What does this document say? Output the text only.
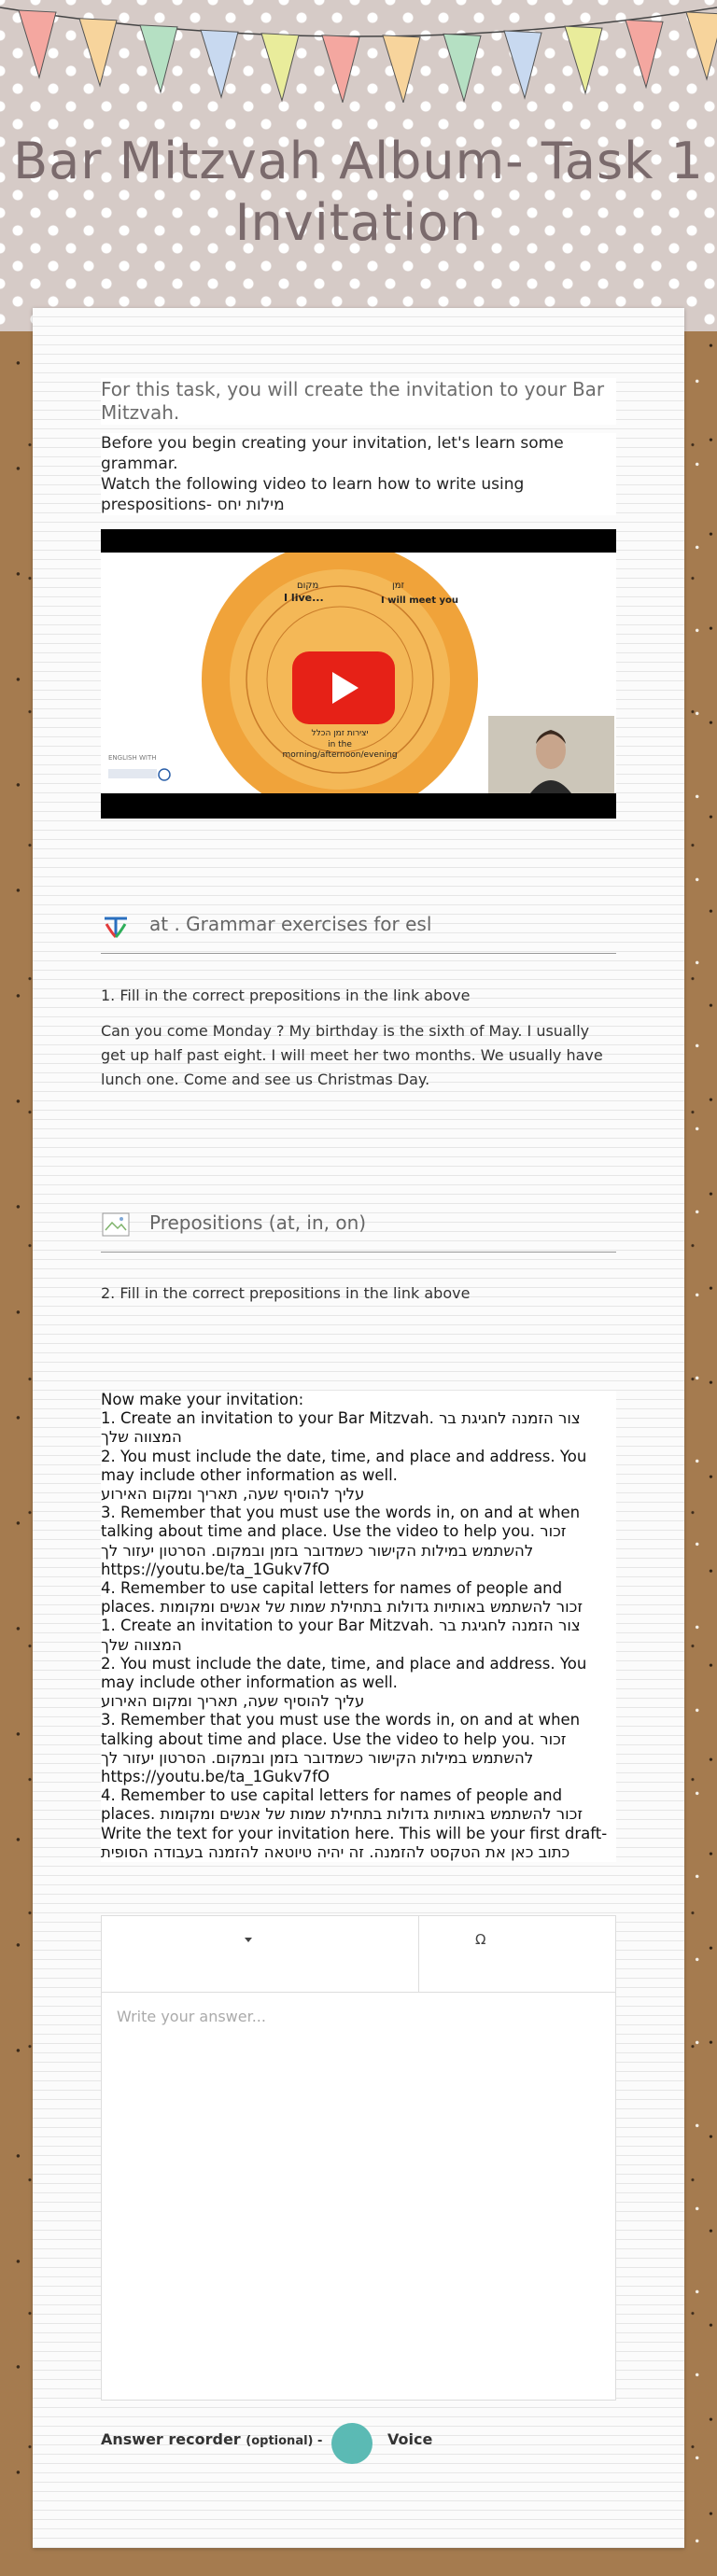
Bar Mitzvah Album- Task 1
Invitation
For this task, you will create the invitation to your Bar Mitzvah.
Before you begin creating your invitation, let's learn some grammar.
Watch the following video to learn how to write using prespositions- מילות יחס
מקום
I live...
זמן
I will meet you
יצירות זמן הכלל
in the
morning/afternoon/evening
ENGLISH WITH
at . Grammar exercises for esl
1. Fill in the correct prepositions in the link above
Can you come Monday ? My birthday is the sixth of May. I usually get up half past eight. I will meet her two months. We usually have lunch one. Come and see us Christmas Day.
Prepositions (at, in, on)
2. Fill in the correct prepositions in the link above

Now make your invitation:

1. Create an invitation to your Bar Mitzvah. צור הזמנה לחגיגת בר המצווה שלך

2. You must include the date, time, and place and address. You may include other information as well.
עליך להוסיף שעה, תאריך ומקום האירוע

3. Remember that you must use the words in, on and at when talking about time and place. Use the video to help you. זכור להשתמש במילות הקישור כשמדובר בזמן ובמקום. הסרטון יעזור לך
https://youtu.be/ta_1Gukv7fO

4. Remember to use capital letters for names of people and places. זכור להשתמש באותיות גדולות בתחילת שמות של אנשים ומקומות

1. Create an invitation to your Bar Mitzvah. צור הזמנה לחגיגת בר המצווה שלך

2. You must include the date, time, and place and address. You may include other information as well.
עליך להוסיף שעה, תאריך ומקום האירוע

3. Remember that you must use the words in, on and at when talking about time and place. Use the video to help you. זכור להשתמש במילות הקישור כשמדובר בזמן ובמקום. הסרטון יעזור לך
https://youtu.be/ta_1Gukv7fO

4. Remember to use capital letters for names of people and places. זכור להשתמש באותיות גדולות בתחילת שמות של אנשים ומקומות

Write the text for your invitation here. This will be your first draft- כתוב כאן את הטקסט להזמנה. זה יהיה טיוטאה להזמנה בעבודה הסופית

Ω
Write your answer...
Answer recorder (optional) -	Voice
